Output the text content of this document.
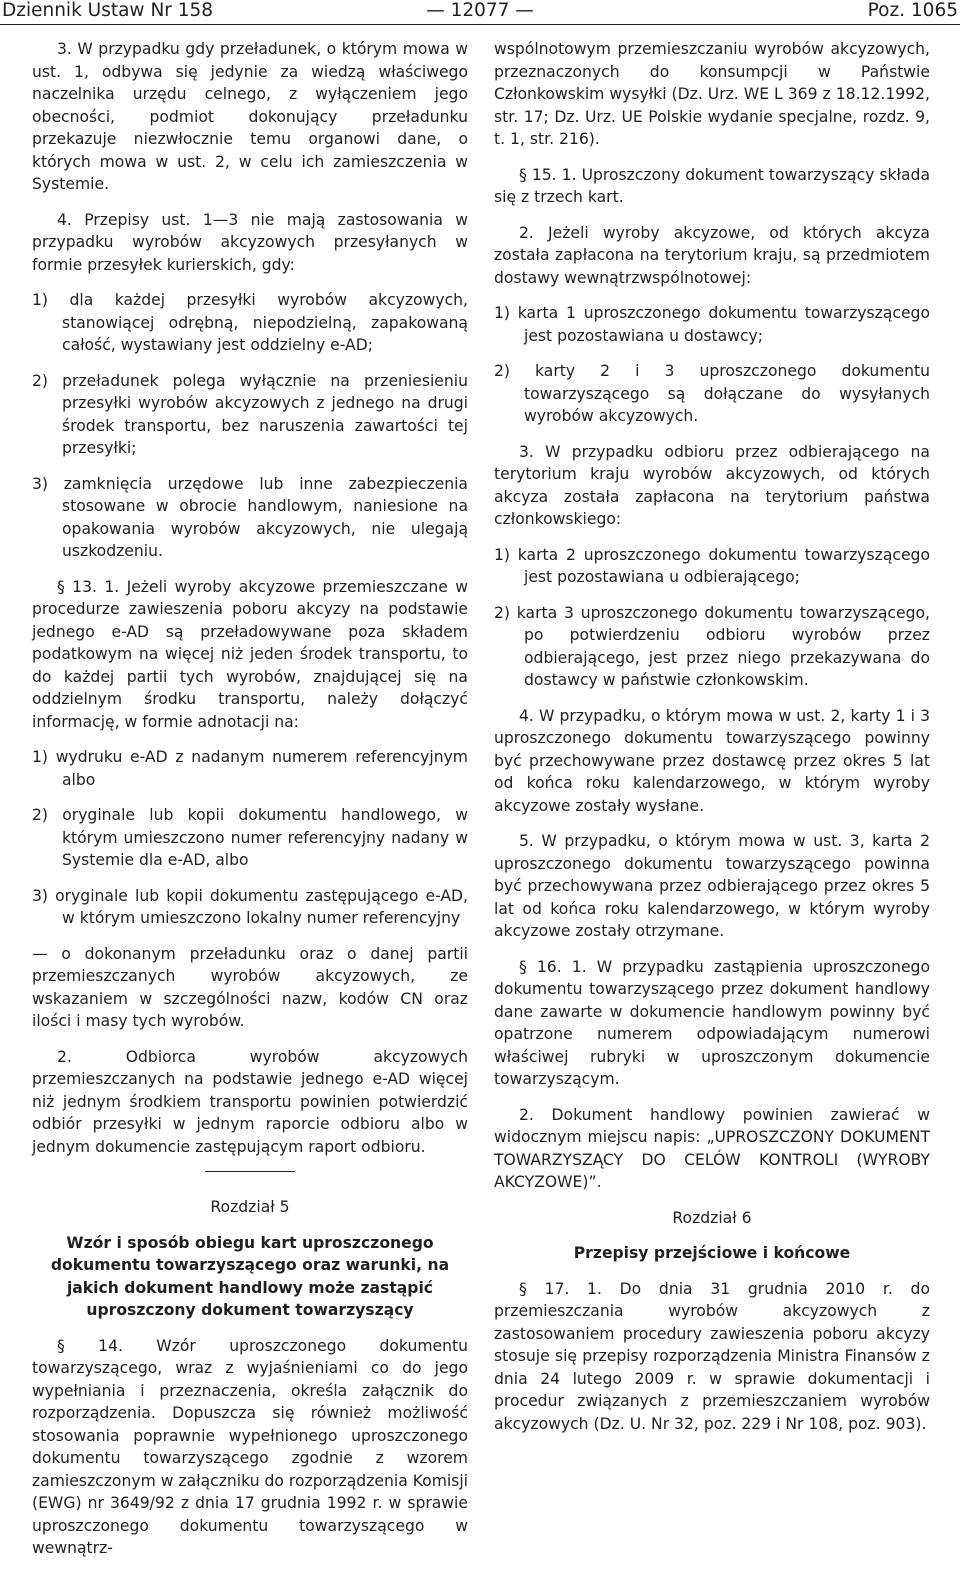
— 12077 —
Dziennik Ustaw Nr 158	Poz. 1065

3. W przypadku gdy przeładunek, o którym mowa w ust. 1, odbywa się jedynie za wiedzą właściwego naczelnika urzędu celnego, z wyłączeniem jego obecności, podmiot dokonujący przeładunku przekazuje niezwłocznie temu organowi dane, o których mowa w ust. 2, w celu ich zamieszczenia w Systemie.

4. Przepisy ust. 1—3 nie mają zastosowania w przypadku wyrobów akcyzowych przesyłanych w formie przesyłek kurierskich, gdy:

1) dla każdej przesyłki wyrobów akcyzowych, stanowiącej odrębną, niepodzielną, zapakowaną całość, wystawiany jest oddzielny e-AD;

2) przeładunek polega wyłącznie na przeniesieniu przesyłki wyrobów akcyzowych z jednego na drugi środek transportu, bez naruszenia zawartości tej przesyłki;

3) zamknięcia urzędowe lub inne zabezpieczenia stosowane w obrocie handlowym, naniesione na opakowania wyrobów akcyzowych, nie ulegają uszkodzeniu.

§ 13. 1. Jeżeli wyroby akcyzowe przemieszczane w procedurze zawieszenia poboru akcyzy na podstawie jednego e-AD są przeładowywane poza składem podatkowym na więcej niż jeden środek transportu, to do każdej partii tych wyrobów, znajdującej się na oddzielnym środku transportu, należy dołączyć informację, w formie adnotacji na:

1) wydruku e-AD z nadanym numerem referencyjnym albo

2) oryginale lub kopii dokumentu handlowego, w którym umieszczono numer referencyjny nadany w Systemie dla e-AD, albo

3) oryginale lub kopii dokumentu zastępującego e-AD, w którym umieszczono lokalny numer referencyjny

— o dokonanym przeładunku oraz o danej partii przemieszczanych wyrobów akcyzowych, ze wskazaniem w szczególności nazw, kodów CN oraz ilości i masy tych wyrobów.

2. Odbiorca wyrobów akcyzowych przemieszczanych na podstawie jednego e-AD więcej niż jednym środkiem transportu powinien potwierdzić odbiór przesyłki w jednym raporcie odbioru albo w jednym dokumencie zastępującym raport odbioru.

Rozdział 5

Wzór i sposób obiegu kart uproszczonego dokumentu towarzyszącego oraz warunki, na jakich dokument handlowy może zastąpić uproszczony dokument towarzyszący

§ 14. Wzór uproszczonego dokumentu towarzyszącego, wraz z wyjaśnieniami co do jego wypełniania i przeznaczenia, określa załącznik do rozporządzenia. Dopuszcza się również możliwość stosowania poprawnie wypełnionego uproszczonego dokumentu towarzyszącego zgodnie z wzorem zamieszczonym w załączniku do rozporządzenia Komisji (EWG) nr 3649/92 z dnia 17 grudnia 1992 r. w sprawie uproszczonego dokumentu towarzyszącego w wewnątrz-

wspólnotowym przemieszczaniu wyrobów akcyzowych, przeznaczonych do konsumpcji w Państwie Członkowskim wysyłki (Dz. Urz. WE L 369 z 18.12.1992, str. 17; Dz. Urz. UE Polskie wydanie specjalne, rozdz. 9, t. 1, str. 216).

§ 15. 1. Uproszczony dokument towarzyszący składa się z trzech kart.

2. Jeżeli wyroby akcyzowe, od których akcyza została zapłacona na terytorium kraju, są przedmiotem dostawy wewnątrzwspólnotowej:

1) karta 1 uproszczonego dokumentu towarzyszącego jest pozostawiana u dostawcy;

2) karty 2 i 3 uproszczonego dokumentu towarzyszącego są dołączane do wysyłanych wyrobów akcyzowych.

3. W przypadku odbioru przez odbierającego na terytorium kraju wyrobów akcyzowych, od których akcyza została zapłacona na terytorium państwa członkowskiego:

1) karta 2 uproszczonego dokumentu towarzyszącego jest pozostawiana u odbierającego;

2) karta 3 uproszczonego dokumentu towarzyszącego, po potwierdzeniu odbioru wyrobów przez odbierającego, jest przez niego przekazywana do dostawcy w państwie członkowskim.

4. W przypadku, o którym mowa w ust. 2, karty 1 i 3 uproszczonego dokumentu towarzyszącego powinny być przechowywane przez dostawcę przez okres 5 lat od końca roku kalendarzowego, w którym wyroby akcyzowe zostały wysłane.

5. W przypadku, o którym mowa w ust. 3, karta 2 uproszczonego dokumentu towarzyszącego powinna być przechowywana przez odbierającego przez okres 5 lat od końca roku kalendarzowego, w którym wyroby akcyzowe zostały otrzymane.

§ 16. 1. W przypadku zastąpienia uproszczonego dokumentu towarzyszącego przez dokument handlowy dane zawarte w dokumencie handlowym powinny być opatrzone numerem odpowiadającym numerowi właściwej rubryki w uproszczonym dokumencie towarzyszącym.

2. Dokument handlowy powinien zawierać w widocznym miejscu napis: „UPROSZCZONY DOKUMENT TOWARZYSZĄCY DO CELÓW KONTROLI (WYROBY AKCYZOWE)”.

Rozdział 6

Przepisy przejściowe i końcowe

§ 17. 1. Do dnia 31 grudnia 2010 r. do przemieszczania wyrobów akcyzowych z zastosowaniem procedury zawieszenia poboru akcyzy stosuje się przepisy rozporządzenia Ministra Finansów z dnia 24 lutego 2009 r. w sprawie dokumentacji i procedur związanych z przemieszczaniem wyrobów akcyzowych (Dz. U. Nr 32, poz. 229 i Nr 108, poz. 903).
